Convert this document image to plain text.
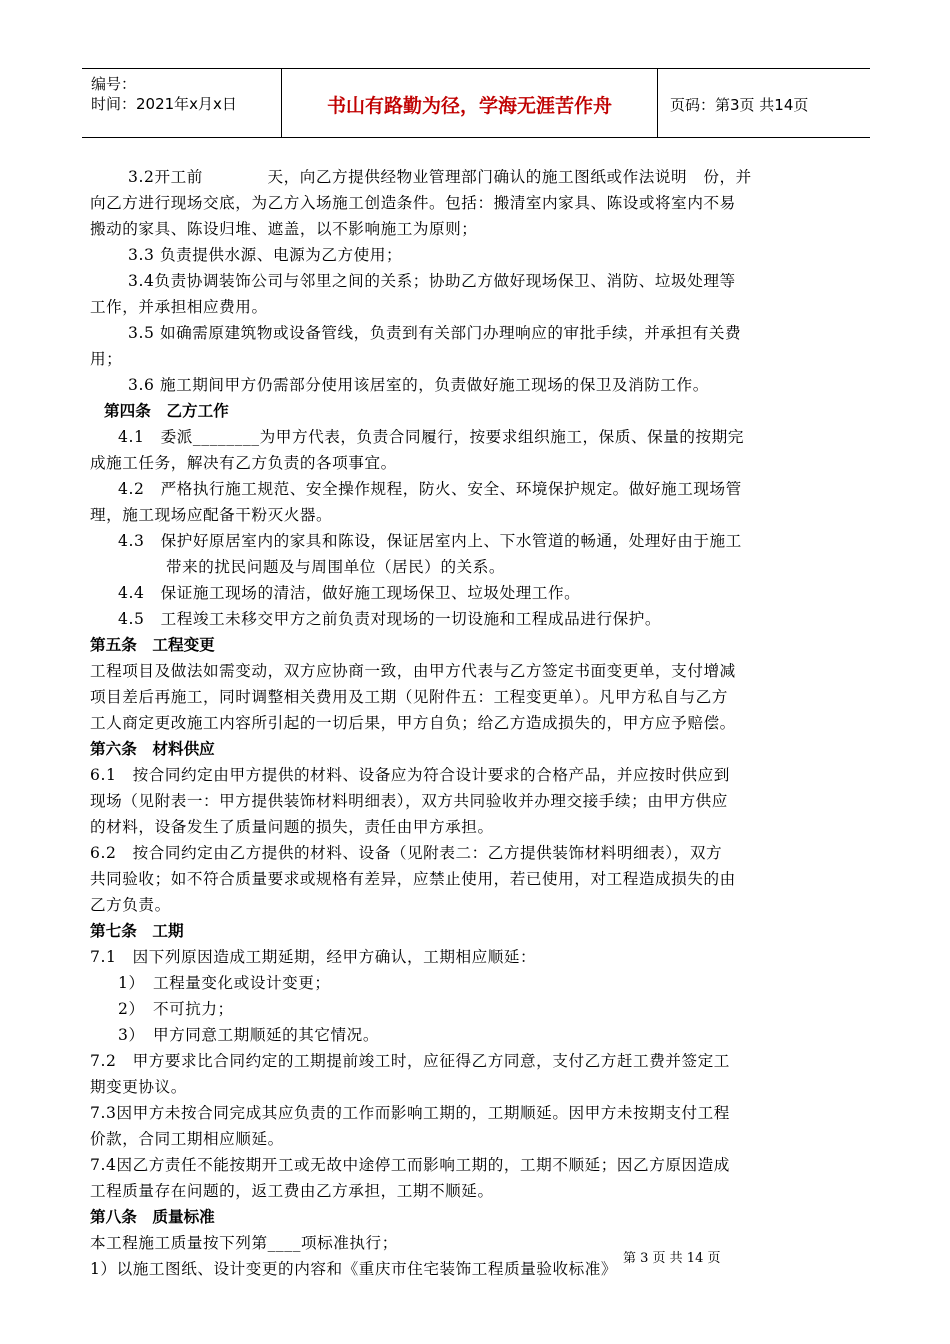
编号：
时间：2021年x月x日	书山有路勤为径，学海无涯苦作舟	页码：第3页 共14页

3.2开工前　　　　天，向乙方提供经物业管理部门确认的施工图纸或作法说明　份，并

向乙方进行现场交底，为乙方入场施工创造条件。包括：搬清室内家具、陈设或将室内不易

搬动的家具、陈设归堆、遮盖，以不影响施工为原则；

3.3 负责提供水源、电源为乙方使用；

3.4负责协调装饰公司与邻里之间的关系；协助乙方做好现场保卫、消防、垃圾处理等

工作，并承担相应费用。

3.5 如确需原建筑物或设备管线，负责到有关部门办理响应的审批手续，并承担有关费

用；

3.6 施工期间甲方仍需部分使用该居室的，负责做好施工现场的保卫及消防工作。

第四条　乙方工作

4.1　委派________为甲方代表，负责合同履行，按要求组织施工，保质、保量的按期完

成施工任务，解决有乙方负责的各项事宜。

4.2　严格执行施工规范、安全操作规程，防火、安全、环境保护规定。做好施工现场管

理，施工现场应配备干粉灭火器。

4.3　保护好原居室内的家具和陈设，保证居室内上、下水管道的畅通，处理好由于施工

带来的扰民问题及与周围单位（居民）的关系。

4.4　保证施工现场的清洁，做好施工现场保卫、垃圾处理工作。

4.5　工程竣工未移交甲方之前负责对现场的一切设施和工程成品进行保护。

第五条　工程变更

工程项目及做法如需变动，双方应协商一致，由甲方代表与乙方签定书面变更单，支付增减

项目差后再施工，同时调整相关费用及工期（见附件五：工程变更单）。凡甲方私自与乙方

工人商定更改施工内容所引起的一切后果，甲方自负；给乙方造成损失的，甲方应予赔偿。

第六条　材料供应

6.1　按合同约定由甲方提供的材料、设备应为符合设计要求的合格产品，并应按时供应到

现场（见附表一：甲方提供装饰材料明细表），双方共同验收并办理交接手续；由甲方供应

的材料，设备发生了质量问题的损失，责任由甲方承担。

6.2　按合同约定由乙方提供的材料、设备（见附表二：乙方提供装饰材料明细表），双方

共同验收；如不符合质量要求或规格有差异，应禁止使用，若已使用，对工程造成损失的由

乙方负责。

第七条　工期

7.1　因下列原因造成工期延期，经甲方确认，工期相应顺延：

1）　工程量变化或设计变更；

2）　不可抗力；

3）　甲方同意工期顺延的其它情况。

7.2　甲方要求比合同约定的工期提前竣工时，应征得乙方同意，支付乙方赶工费并签定工

期变更协议。

7.3因甲方未按合同完成其应负责的工作而影响工期的，工期顺延。因甲方未按期支付工程

价款，合同工期相应顺延。

7.4因乙方责任不能按期开工或无故中途停工而影响工期的，工期不顺延；因乙方原因造成

工程质量存在问题的，返工费由乙方承担，工期不顺延。

第八条　质量标准

本工程施工质量按下列第____项标准执行；

1）以施工图纸、设计变更的内容和《重庆市住宅装饰工程质量验收标准》

第 3 页 共 14 页
